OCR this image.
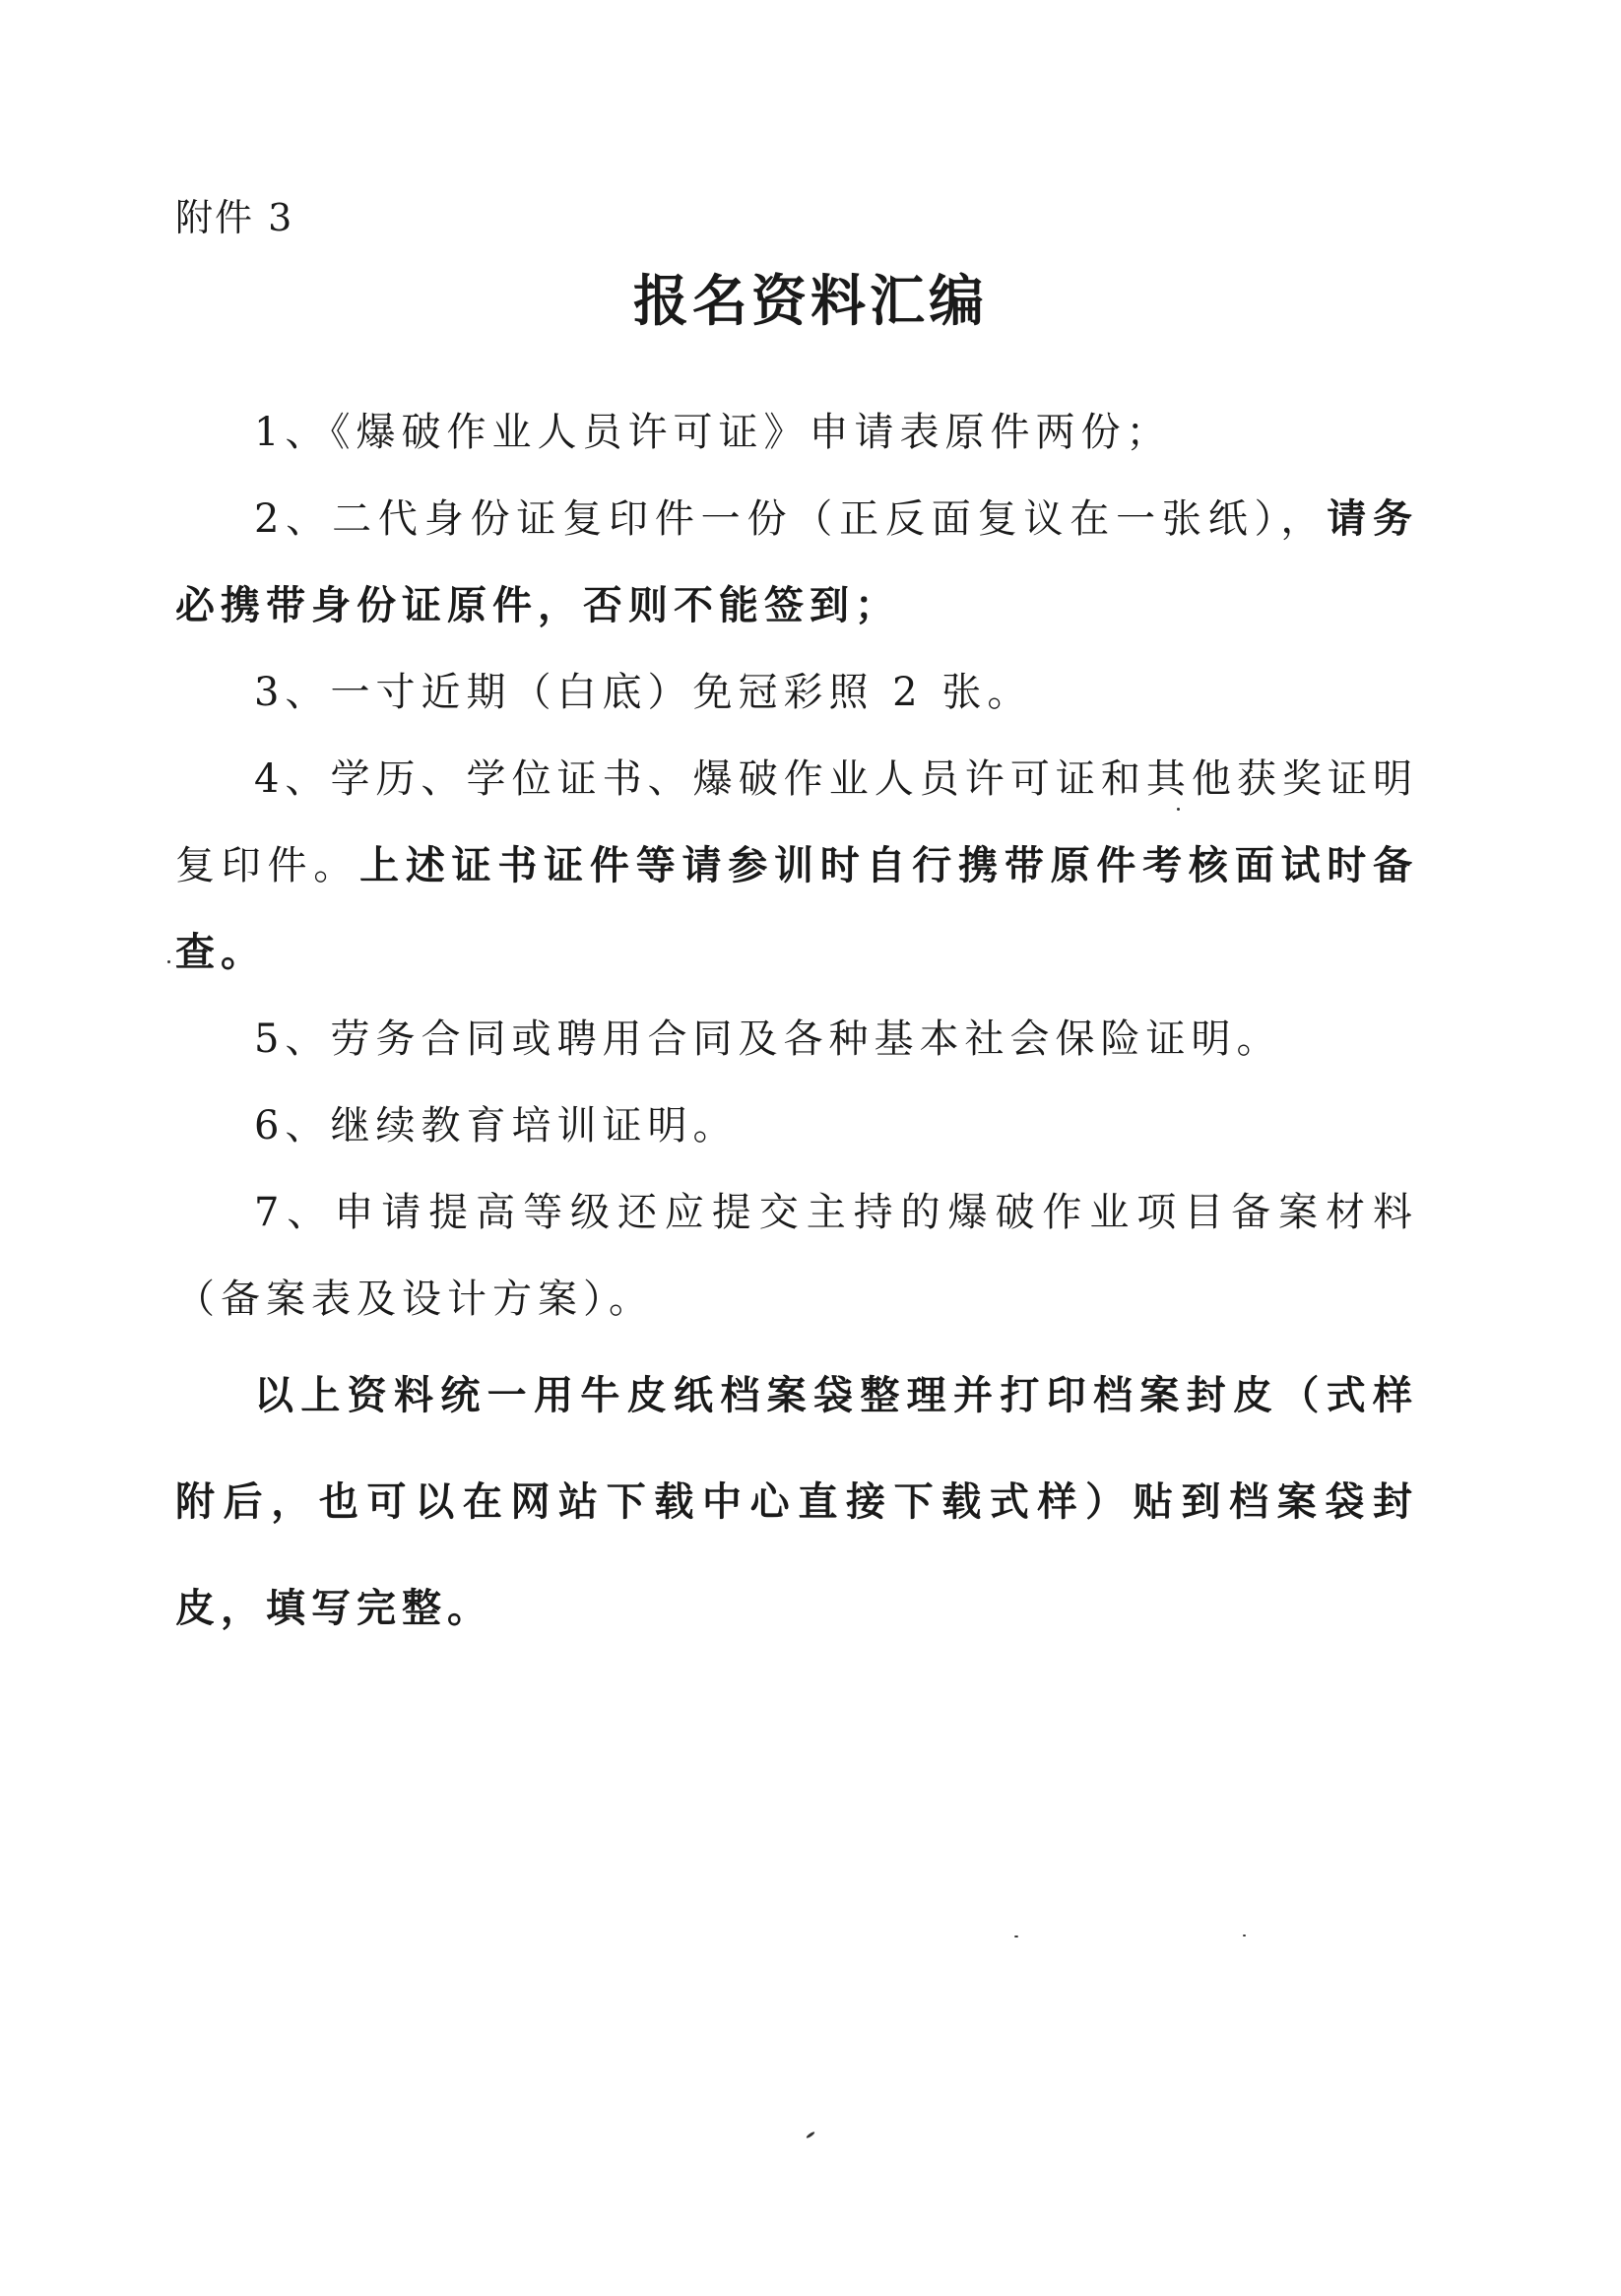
附件 3
报名资料汇编

1、《爆破作业人员许可证》申请表原件两份；

2、二代身份证复印件一份（正反面复议在一张纸），请务必携带身份证原件，否则不能签到；

3、一寸近期（白底）免冠彩照 2 张。

4、学历、学位证书、爆破作业人员许可证和其他获奖证明复印件。上述证书证件等请参训时自行携带原件考核面试时备查。

5、劳务合同或聘用合同及各种基本社会保险证明。

6、继续教育培训证明。

7、申请提高等级还应提交主持的爆破作业项目备案材料（备案表及设计方案）。

以上资料统一用牛皮纸档案袋整理并打印档案封皮（式样附后，也可以在网站下载中心直接下载式样）贴到档案袋封皮，填写完整。
